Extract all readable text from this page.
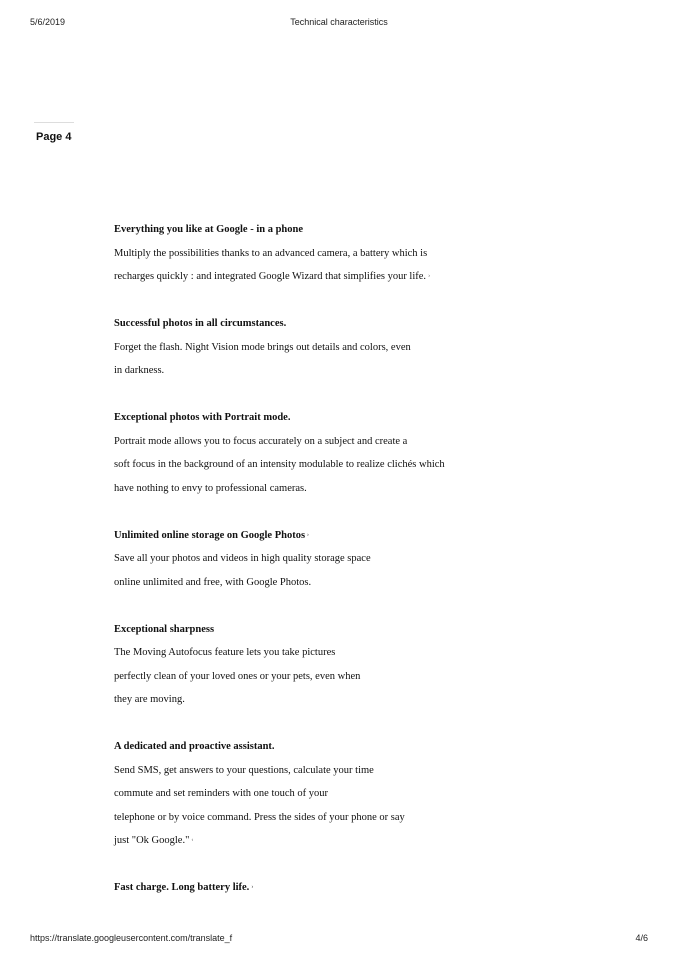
5/6/2019	Technical characteristics
Page 4
Everything you like at Google - in a phone
Multiply the possibilities thanks to an advanced camera, a battery which is
recharges quickly : and integrated Google Wizard that simplifies your life. ›
Successful photos in all circumstances.
Forget the flash. Night Vision mode brings out details and colors, even
in darkness.
Exceptional photos with Portrait mode.
Portrait mode allows you to focus accurately on a subject and create a
soft focus in the background of an intensity modulable to realize clichés which
have nothing to envy to professional cameras.
Unlimited online storage on Google Photos ›
Save all your photos and videos in high quality storage space
online unlimited and free, with Google Photos.
Exceptional sharpness
The Moving Autofocus feature lets you take pictures
perfectly clean of your loved ones or your pets, even when
they are moving.
A dedicated and proactive assistant.
Send SMS, get answers to your questions, calculate your time
commute and set reminders with one touch of your
telephone or by voice command. Press the sides of your phone or say
just "Ok Google." ‹
Fast charge. Long battery life. ›
https://translate.googleusercontent.com/translate_f	4/6
